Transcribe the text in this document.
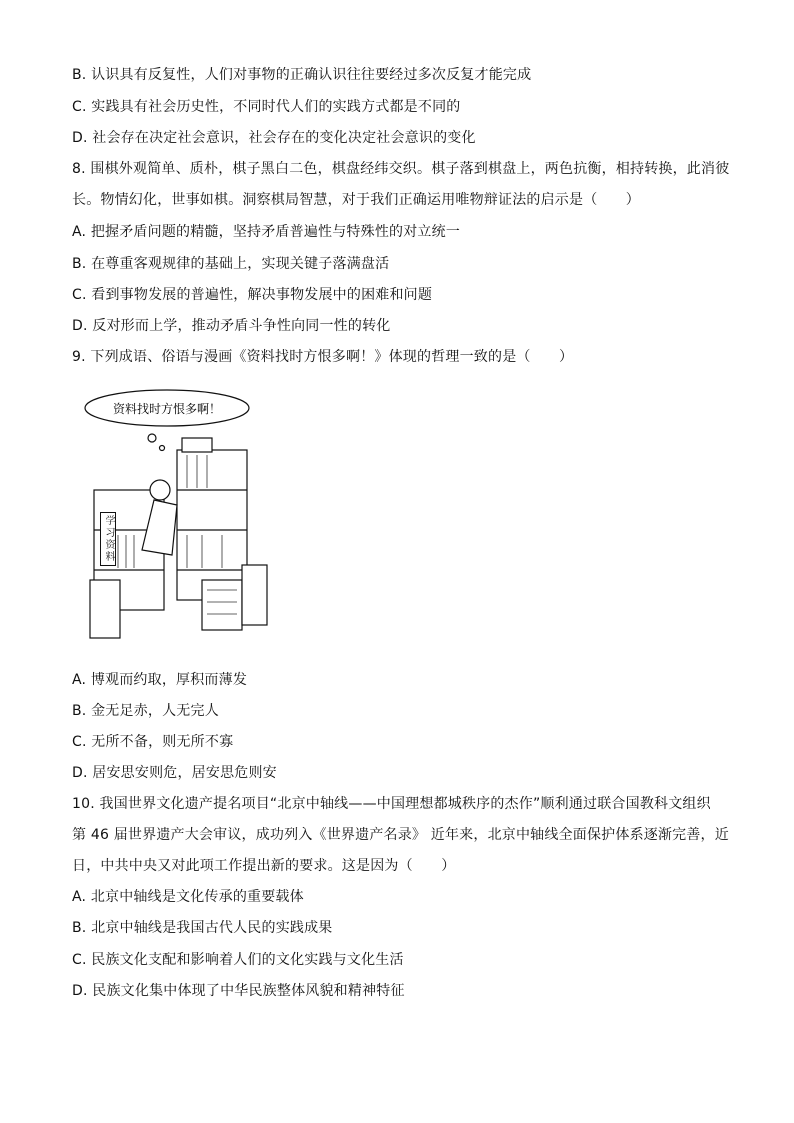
B. 认识具有反复性，人们对事物的正确认识往往要经过多次反复才能完成
C. 实践具有社会历史性，不同时代人们的实践方式都是不同的
D. 社会存在决定社会意识，社会存在的变化决定社会意识的变化
8. 围棋外观简单、质朴，棋子黑白二色，棋盘经纬交织。棋子落到棋盘上，两色抗衡，相持转换，此消彼
长。物情幻化，世事如棋。洞察棋局智慧，对于我们正确运用唯物辩证法的启示是（　　）
A. 把握矛盾问题的精髓，坚持矛盾普遍性与特殊性的对立统一
B. 在尊重客观规律的基础上，实现关键子落满盘活
C. 看到事物发展的普遍性，解决事物发展中的困难和问题
D. 反对形而上学，推动矛盾斗争性向同一性的转化
9. 下列成语、俗语与漫画《资料找时方恨多啊！》体现的哲理一致的是（　　）
资料找时方恨多啊！
学习资料
A. 博观而约取，厚积而薄发
B. 金无足赤，人无完人
C. 无所不备，则无所不寡
D. 居安思安则危，居安思危则安
10. 我国世界文化遗产提名项目“北京中轴线——中国理想都城秩序的杰作”顺利通过联合国教科文组织
第 46 届世界遗产大会审议，成功列入《世界遗产名录》 近年来，北京中轴线全面保护体系逐渐完善，近
日，中共中央又对此项工作提出新的要求。这是因为（　　）
A. 北京中轴线是文化传承的重要载体
B. 北京中轴线是我国古代人民的实践成果
C. 民族文化支配和影响着人们的文化实践与文化生活
D. 民族文化集中体现了中华民族整体风貌和精神特征
